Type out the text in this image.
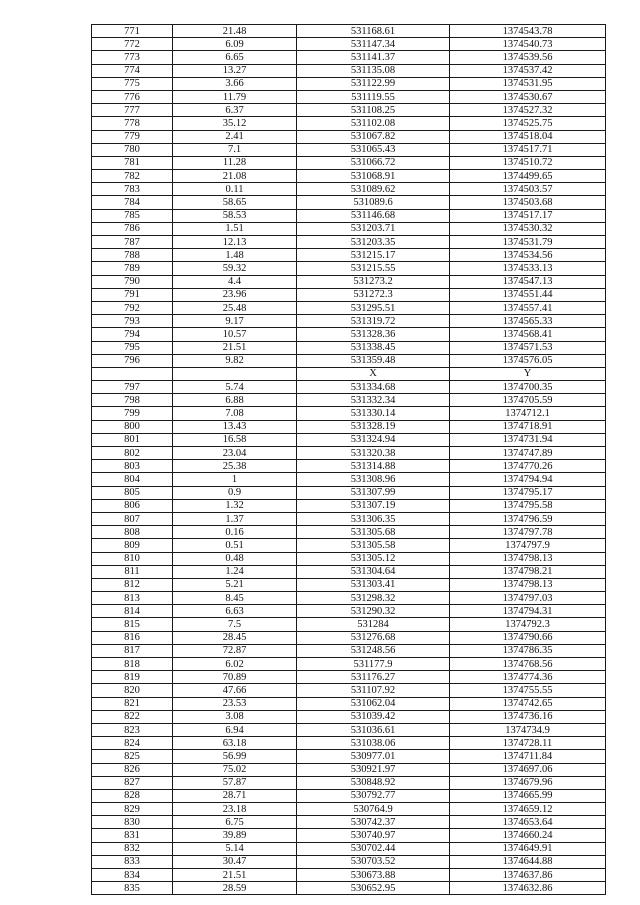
771	21.48	531168.61	1374543.78
772	6.09	531147.34	1374540.73
773	6.65	531141.37	1374539.56
774	13.27	531135.08	1374537.42
775	3.66	531122.99	1374531.95
776	11.79	531119.55	1374530.67
777	6.37	531108.25	1374527.32
778	35.12	531102.08	1374525.75
779	2.41	531067.82	1374518.04
780	7.1	531065.43	1374517.71
781	11.28	531066.72	1374510.72
782	21.08	531068.91	1374499.65
783	0.11	531089.62	1374503.57
784	58.65	531089.6	1374503.68
785	58.53	531146.68	1374517.17
786	1.51	531203.71	1374530.32
787	12.13	531203.35	1374531.79
788	1.48	531215.17	1374534.56
789	59.32	531215.55	1374533.13
790	4.4	531273.2	1374547.13
791	23.96	531272.3	1374551.44
792	25.48	531295.51	1374557.41
793	9.17	531319.72	1374565.33
794	10.57	531328.36	1374568.41
795	21.51	531338.45	1374571.53
796	9.82	531359.48	1374576.05
		X	Y
797	5.74	531334.68	1374700.35
798	6.88	531332.34	1374705.59
799	7.08	531330.14	1374712.1
800	13.43	531328.19	1374718.91
801	16.58	531324.94	1374731.94
802	23.04	531320.38	1374747.89
803	25.38	531314.88	1374770.26
804	1	531308.96	1374794.94
805	0.9	531307.99	1374795.17
806	1.32	531307.19	1374795.58
807	1.37	531306.35	1374796.59
808	0.16	531305.68	1374797.78
809	0.51	531305.58	1374797.9
810	0.48	531305.12	1374798.13
811	1.24	531304.64	1374798.21
812	5.21	531303.41	1374798.13
813	8.45	531298.32	1374797.03
814	6.63	531290.32	1374794.31
815	7.5	531284	1374792.3
816	28.45	531276.68	1374790.66
817	72.87	531248.56	1374786.35
818	6.02	531177.9	1374768.56
819	70.89	531176.27	1374774.36
820	47.66	531107.92	1374755.55
821	23.53	531062.04	1374742.65
822	3.08	531039.42	1374736.16
823	6.94	531036.61	1374734.9
824	63.18	531038.06	1374728.11
825	56.99	530977.01	1374711.84
826	75.02	530921.97	1374697.06
827	57.87	530848.92	1374679.96
828	28.71	530792.77	1374665.99
829	23.18	530764.9	1374659.12
830	6.75	530742.37	1374653.64
831	39.89	530740.97	1374660.24
832	5.14	530702.44	1374649.91
833	30.47	530703.52	1374644.88
834	21.51	530673.88	1374637.86
835	28.59	530652.95	1374632.86
